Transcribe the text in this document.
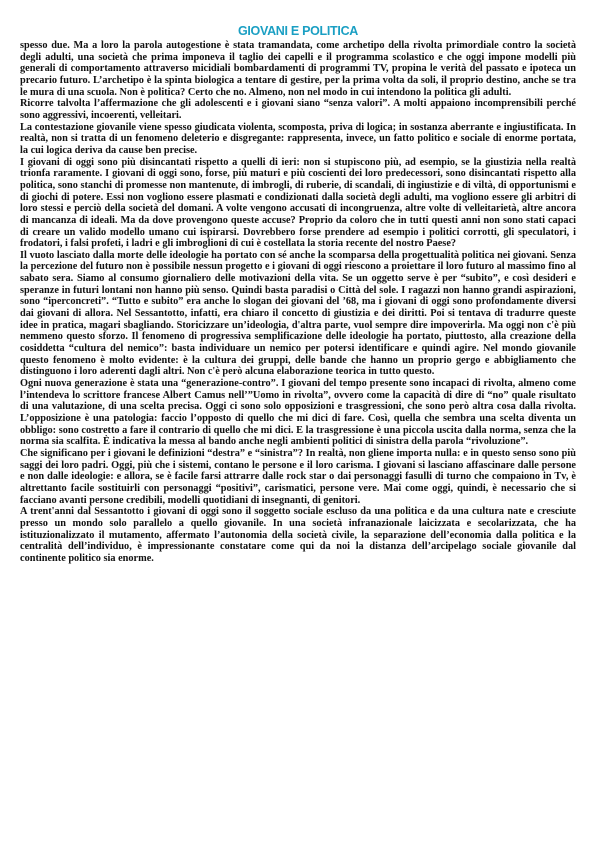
GIOVANI E POLITICA

spesso due. Ma a loro la parola autogestione è stata tramandata, come archetipo della rivolta primordiale contro la società degli adulti, una società che prima imponeva il taglio dei capelli e il programma scolastico e che oggi impone modelli più generali di comportamento attraverso micidiali bombardamenti di programmi TV, propina le verità del passato e ipoteca un precario futuro. L’archetipo è la spinta biologica a tentare di gestire, per la prima volta da soli, il proprio destino, anche se tra le mura di una scuola. Non è politica? Certo che no. Almeno, non nel modo in cui intendono la politica gli adulti.

Ricorre talvolta l’affermazione che gli adolescenti e i giovani siano “senza valori”. A molti appaiono incomprensibili perché sono aggressivi, incoerenti, velleitari.

La contestazione giovanile viene spesso giudicata violenta, scomposta, priva di logica; in sostanza aberrante e ingiustificata. In realtà, non si tratta di un fenomeno deleterio e disgregante: rappresenta, invece, un fatto politico e sociale di enorme portata, la cui logica deriva da cause ben precise.

I giovani di oggi sono più disincantati rispetto a quelli di ieri: non si stupiscono più, ad esempio, se la giustizia nella realtà trionfa raramente. I giovani di oggi sono, forse, più maturi e più coscienti dei loro predecessori, sono disincantati rispetto alla politica, sono stanchi di promesse non mantenute, di imbrogli, di ruberie, di scandali, di ingiustizie e di viltà, di opportunismi e di giochi di potere. Essi non vogliono essere plasmati e condizionati dalla società degli adulti, ma vogliono essere gli arbitri di loro stessi e perciò della società del domani. A volte vengono accusati di incongruenza, altre volte di velleitarietà, altre ancora di mancanza di ideali. Ma da dove provengono queste accuse? Proprio da coloro che in tutti questi anni non sono stati capaci di creare un valido modello umano cui ispirarsi. Dovrebbero forse prendere ad esempio i politici corrotti, gli speculatori, i frodatori, i falsi profeti, i ladri e gli imbroglioni di cui è costellata la storia recente del nostro Paese?

Il vuoto lasciato dalla morte delle ideologie ha portato con sé anche la scomparsa della progettualità politica nei giovani. Senza la percezione del futuro non è possibile nessun progetto e i giovani di oggi riescono a proiettare il loro futuro al massimo fino al sabato sera. Siamo al consumo giornaliero delle motivazioni della vita. Se un oggetto serve è per “subito”, e così desideri e speranze in futuri lontani non hanno più senso. Quindi basta paradisi o Città del sole. I ragazzi non hanno grandi aspirazioni, sono “iperconcreti”. “Tutto e subito” era anche lo slogan dei giovani del ’68, ma i giovani di oggi sono profondamente diversi dai giovani di allora. Nel Sessantotto, infatti, era chiaro il concetto di giustizia e dei diritti. Poi si tentava di tradurre queste idee in pratica, magari sbagliando. Storicizzare un’ideologia, d'altra parte, vuol sempre dire impoverirla. Ma oggi non c'è più nemmeno questo sforzo. Il fenomeno di progressiva semplificazione delle ideologie ha portato, piuttosto, alla creazione della cosiddetta “cultura del nemico”: basta individuare un nemico per potersi identificare e quindi agire. Nel mondo giovanile questo fenomeno è molto evidente: è la cultura dei gruppi, delle bande che hanno un proprio gergo e abbigliamento che distinguono i loro aderenti dagli altri. Non c'è però alcuna elaborazione teorica in tutto questo.

Ogni nuova generazione è stata una “generazione-contro”. I giovani del tempo presente sono incapaci di rivolta, almeno come l’intendeva lo scrittore francese Albert Camus nell’”Uomo in rivolta”, ovvero come la capacità di dire di “no” quale risultato di una valutazione, di una scelta precisa. Oggi ci sono solo opposizioni e trasgressioni, che sono però altra cosa dalla rivolta. L’opposizione è una patologia: faccio l’opposto di quello che mi dici di fare. Così, quella che sembra una scelta diventa un obbligo: sono costretto a fare il contrario di quello che mi dici. E la trasgressione è una piccola uscita dalla norma, senza che la norma sia scalfita. È indicativa la messa al bando anche negli ambienti politici di sinistra della parola “rivoluzione”.

Che significano per i giovani le definizioni “destra” e “sinistra”? In realtà, non gliene importa nulla: e in questo senso sono più saggi dei loro padri. Oggi, più che i sistemi, contano le persone e il loro carisma. I giovani si lasciano affascinare dalle persone e non dalle ideologie: e allora, se è facile farsi attrarre dalle rock star o dai personaggi fasulli di turno che compaiono in Tv, è altrettanto facile sostituirli con personaggi “positivi”, carismatici, persone vere. Mai come oggi, quindi, è necessario che si facciano avanti persone credibili, modelli quotidiani di insegnanti, di genitori.

A trent'anni dal Sessantotto i giovani di oggi sono il soggetto sociale escluso da una politica e da una cultura nate e cresciute presso un mondo solo parallelo a quello giovanile. In una società infranazionale laicizzata e secolarizzata, che ha istituzionalizzato il mutamento, affermato l’autonomia della società civile, la separazione dell’economia dalla politica e la centralità dell’individuo, è impressionante constatare come qui da noi la distanza dell’arcipelago sociale giovanile dal continente politico sia enorme.
